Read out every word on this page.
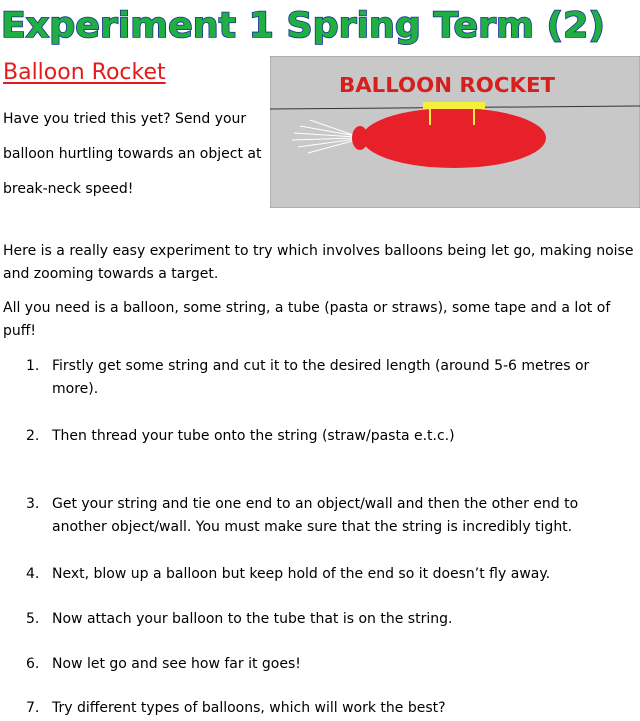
Experiment 1 Spring Term (2)
Balloon Rocket

Have you tried this yet? Send your balloon hurtling towards an object at break-neck speed!

BALLOON ROCKET

Here is a really easy experiment to try which involves balloons being let go, making noise and zooming towards a target.

All you need is a balloon, some string, a tube (pasta or straws), some tape and a lot of puff!

1. Firstly get some string and cut it to the desired length (around 5-6 metres or more).
2. Then thread your tube onto the string (straw/pasta e.t.c.)
3. Get your string and tie one end to an object/wall and then the other end to another object/wall. You must make sure that the string is incredibly tight.
4. Next, blow up a balloon but keep hold of the end so it doesn’t fly away.
5. Now attach your balloon to the tube that is on the string.
6. Now let go and see how far it goes!
7. Try different types of balloons, which will work the best?
